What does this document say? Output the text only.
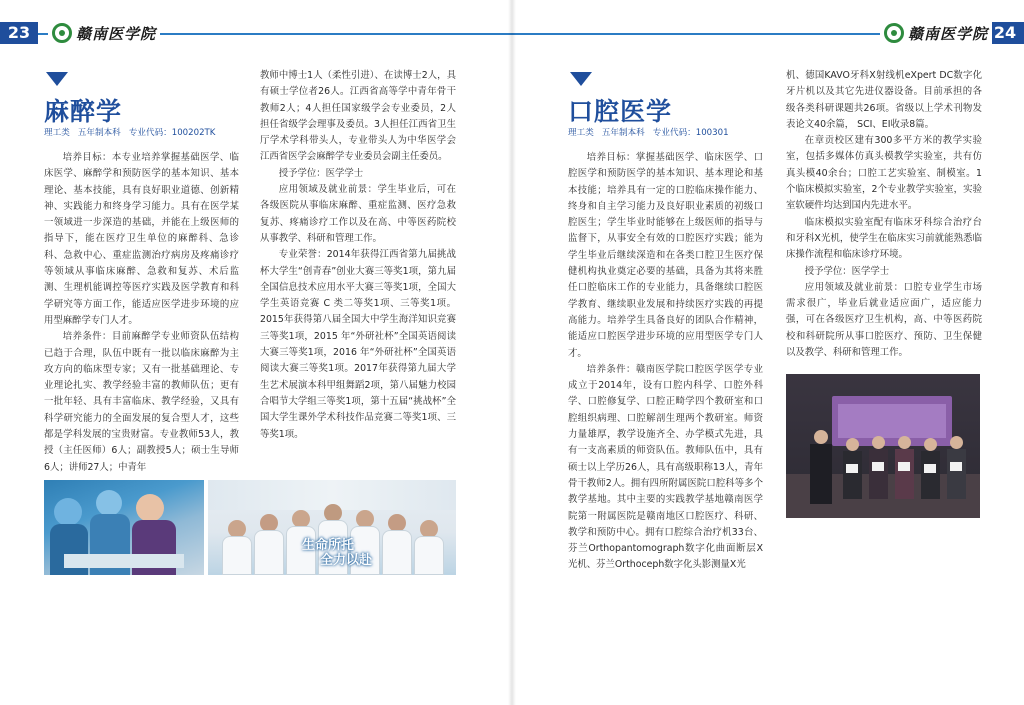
23	赣南医学院
麻醉学
理工类 五年制本科 专业代码：100202TK

培养目标：本专业培养掌握基础医学、临床医学、麻醉学和预防医学的基本知识、基本理论、基本技能，具有良好职业道德、创新精神、实践能力和终身学习能力。具有在医学某一领域进一步深造的基础，并能在上级医师的指导下，能在医疗卫生单位的麻醉科、急诊科、急救中心、重症监测治疗病房及疼痛诊疗等领域从事临床麻醉、急救和复苏、术后监测、生理机能调控等医疗实践及医学教育和科学研究等方面工作，能适应医学进步环境的应用型麻醉学专门人才。

培养条件：目前麻醉学专业师资队伍结构已趋于合理，队伍中既有一批以临床麻醉为主攻方向的临床型专家；又有一批基础理论、专业理论扎实、教学经验丰富的教师队伍；更有一批年轻、具有丰富临床、教学经验，又具有科学研究能力的全面发展的复合型人才，这些都是学科发展的宝贵财富。专业教师53人，教授（主任医师）6人；副教授5人；硕士生导师6人；讲师27人；中青年

教师中博士1人（柔性引进）、在读博士2人，具有硕士学位者26人。江西省高等学中青年骨干教师2人；4人担任国家级学会专业委员，2人担任省级学会理事及委员。3人担任江西省卫生厅学术学科带头人，专业带头人为中华医学会江西省医学会麻醉学专业委员会副主任委员。

授予学位：医学学士

应用领域及就业前景：学生毕业后，可在各级医院从事临床麻醉、重症监测、医疗急救复苏、疼痛诊疗工作以及在高、中等医药院校从事教学、科研和管理工作。

专业荣誉：2014年获得江西省第九届挑战杯大学生“创青春”创业大赛三等奖1项，第九届全国信息技术应用水平大赛三等奖1项，全国大学生英语竞赛 C 类二等奖1项、三等奖1项。2015年获得第八届全国大中学生海洋知识竞赛三等奖1项，2015 年“外研社杯”全国英语阅读大赛三等奖1项，2016 年“外研社杯”全国英语阅读大赛三等奖1项。2017年获得第九届大学生艺术展演本科甲组舞蹈2项，第八届魅力校园合唱节大学组三等奖1项，第十五届“挑战杯”全国大学生课外学术科技作品竞赛二等奖1项、三等奖1项。

生命所托
全力以赴
24
赣南医学院
口腔医学
理工类 五年制本科 专业代码：100301

培养目标：掌握基础医学、临床医学、口腔医学和预防医学的基本知识、基本理论和基本技能；培养具有一定的口腔临床操作能力、终身和自主学习能力及良好职业素质的初级口腔医生；学生毕业时能够在上级医师的指导与监督下，从事安全有效的口腔医疗实践；能为学生毕业后继续深造和在各类口腔卫生医疗保健机构执业奠定必要的基础，具备为其将来胜任口腔临床工作的专业能力，具备继续口腔医学教育、继续职业发展和持续医疗实践的再提高能力。培养学生具备良好的团队合作精神，能适应口腔医学进步环境的应用型医学专门人才。

培养条件：赣南医学院口腔医学医学专业成立于2014年，设有口腔内科学、口腔外科学、口腔修复学、口腔正畸学四个教研室和口腔组织病理、口腔解剖生理两个教研室。师资力量雄厚，教学设施齐全、办学模式先进，具有一支高素质的师资队伍。教师队伍中，具有硕士以上学历26人，具有高级职称13人，青年骨干教师2人。拥有四所附属医院口腔科等多个教学基地。其中主要的实践教学基地赣南医学院第一附属医院是赣南地区口腔医疗、科研、教学和预防中心。拥有口腔综合治疗机33台、芬兰Orthopantomograph数字化曲面断层X光机、芬兰Orthoceph数字化头影测量X光

机、德国KAVO牙科X射线机eXpert DC数字化牙片机以及其它先进仪器设备。目前承担的各级各类科研课题共26项。省级以上学术刊物发表论文40余篇， SCI、EI收录8篇。

在章贡校区建有300多平方米的教学实验室，包括多媒体仿真头模教学实验室，共有仿真头模40余台；口腔工艺实验室、制模室。1个临床模拟实验室，2个专业教学实验室，实验室软硬件均达到国内先进水平。

临床模拟实验室配有临床牙科综合治疗台和牙科X光机，使学生在临床实习前就能熟悉临床操作流程和临床诊疗环境。

授予学位：医学学士

应用领域及就业前景：口腔专业学生市场需求很广，毕业后就业适应面广，适应能力强，可在各级医疗卫生机构，高、中等医药院校和科研院所从事口腔医疗、预防、卫生保健以及教学、科研和管理工作。
